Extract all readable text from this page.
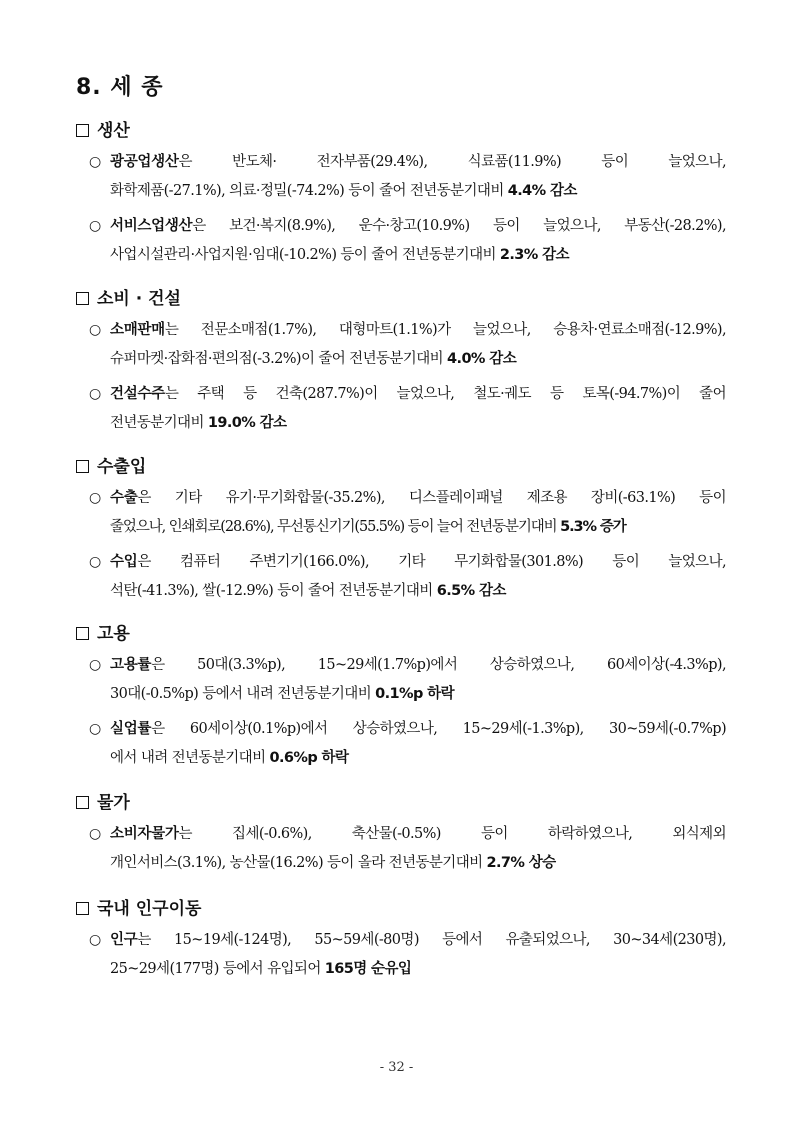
8. 세 종
생산
○ 광공업생산은 반도체· 전자부품(29.4%), 식료품(11.9%) 등이 늘었으나,
화학제품(-27.1%), 의료·정밀(-74.2%) 등이 줄어 전년동분기대비 4.4% 감소
○ 서비스업생산은 보건·복지(8.9%), 운수·창고(10.9%) 등이 늘었으나, 부동산(-28.2%),
사업시설관리·사업지원·임대(-10.2%) 등이 줄어 전년동분기대비 2.3% 감소
소비 · 건설
○ 소매판매는 전문소매점(1.7%), 대형마트(1.1%)가 늘었으나, 승용차·연료소매점(-12.9%),
슈퍼마켓·잡화점·편의점(-3.2%)이 줄어 전년동분기대비 4.0% 감소
○ 건설수주는 주택 등 건축(287.7%)이 늘었으나, 철도·궤도 등 토목(-94.7%)이 줄어
전년동분기대비 19.0% 감소
수출입
○ 수출은 기타 유기·무기화합물(-35.2%), 디스플레이패널 제조용 장비(-63.1%) 등이
줄었으나, 인쇄회로(28.6%), 무선통신기기(55.5%) 등이 늘어 전년동분기대비 5.3% 증가
○ 수입은 컴퓨터 주변기기(166.0%), 기타 무기화합물(301.8%) 등이 늘었으나,
석탄(-41.3%), 쌀(-12.9%) 등이 줄어 전년동분기대비 6.5% 감소
고용
○ 고용률은 50대(3.3%p), 15~29세(1.7%p)에서 상승하였으나, 60세이상(-4.3%p),
30대(-0.5%p) 등에서 내려 전년동분기대비 0.1%p 하락
○ 실업률은 60세이상(0.1%p)에서 상승하였으나, 15~29세(-1.3%p), 30~59세(-0.7%p)
에서 내려 전년동분기대비 0.6%p 하락
물가
○ 소비자물가는 집세(-0.6%), 축산물(-0.5%) 등이 하락하였으나, 외식제외
개인서비스(3.1%), 농산물(16.2%) 등이 올라 전년동분기대비 2.7% 상승
국내 인구이동
○ 인구는 15~19세(-124명), 55~59세(-80명) 등에서 유출되었으나, 30~34세(230명),
25~29세(177명) 등에서 유입되어 165명 순유입
- 32 -
